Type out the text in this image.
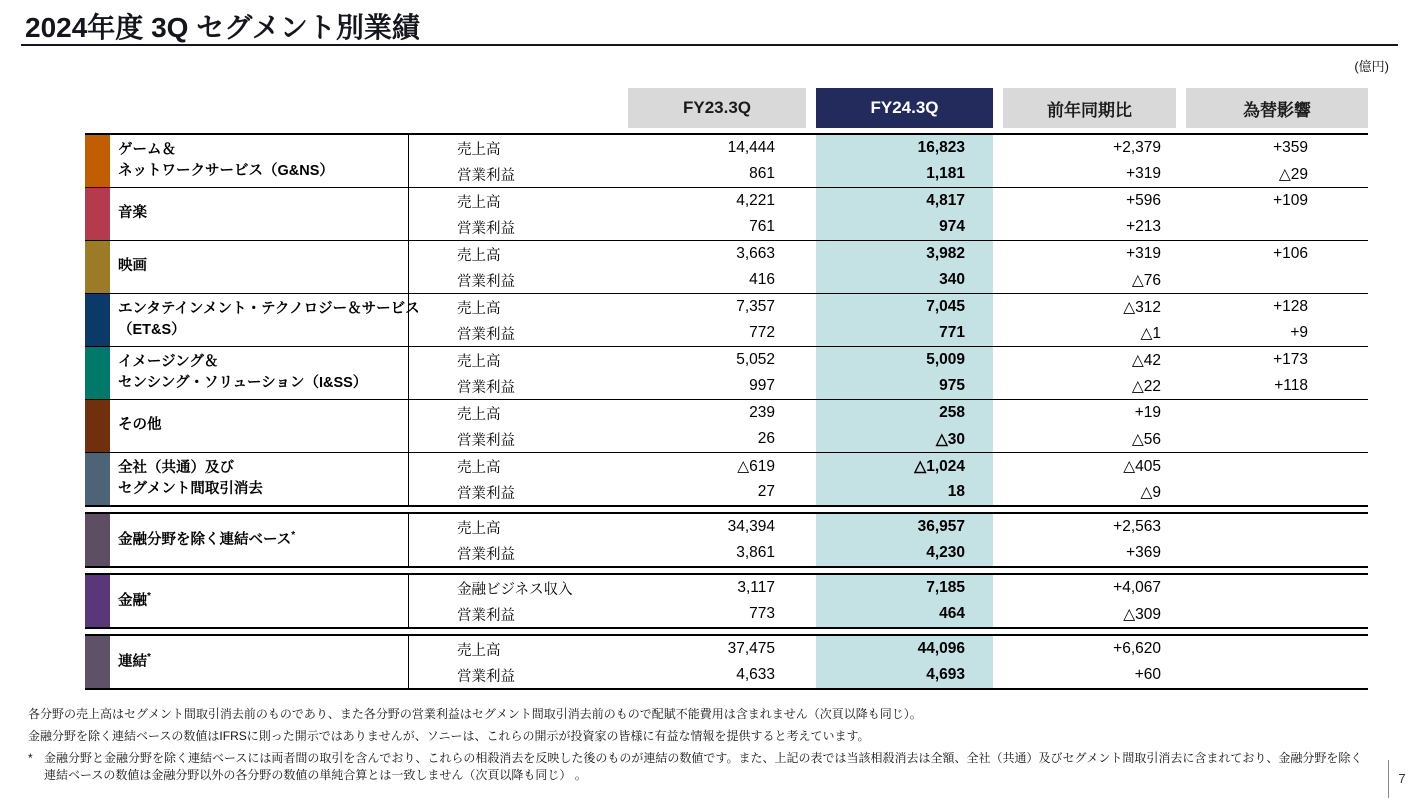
2024年度 3Q セグメント別業績
(億円)
FY23.3Q	FY24.3Q	前年同期比	為替影響
ゲーム＆
ネットワークサービス（G&NS）
売上高	14,444	16,823	+2,379	+359
営業利益	861	1,181	+319	△29
音楽
売上高	4,221	4,817	+596	+109
営業利益	761	974	+213
映画
売上高	3,663	3,982	+319	+106
営業利益	416	340	△76
エンタテインメント・テクノロジー＆サービス
（ET&S）
売上高	7,357	7,045	△312	+128
営業利益	772	771	△1	+9
イメージング＆
センシング・ソリューション（I&SS）
売上高	5,052	5,009	△42	+173
営業利益	997	975	△22	+118
その他
売上高	239	258	+19
営業利益	26	△30	△56
全社（共通）及び
セグメント間取引消去
売上高	△619	△1,024	△405
営業利益	27	18	△9
金融分野を除く連結ベース*	売上高	34,394	36,957	+2,563
営業利益	3,861	4,230	+369
金融*	金融ビジネス収入	3,117	7,185	+4,067
営業利益	773	464	△309
連結*	売上高	37,475	44,096	+6,620
営業利益	4,633	4,693	+60

各分野の売上高はセグメント間取引消去前のものであり、また各分野の営業利益はセグメント間取引消去前のもので配賦不能費用は含まれません（次頁以降も同じ）。

金融分野を除く連結ベースの数値はIFRSに則った開示ではありませんが、ソニーは、これらの開示が投資家の皆様に有益な情報を提供すると考えています。

* 金融分野と金融分野を除く連結ベースには両者間の取引を含んでおり、これらの相殺消去を反映した後のものが連結の数値です。また、上記の表では当該相殺消去は全額、全社（共通）及びセグメント間取引消去に含まれており、金融分野を除く連結ベースの数値は金融分野以外の各分野の数値の単純合算とは一致しません（次頁以降も同じ） 。	7
